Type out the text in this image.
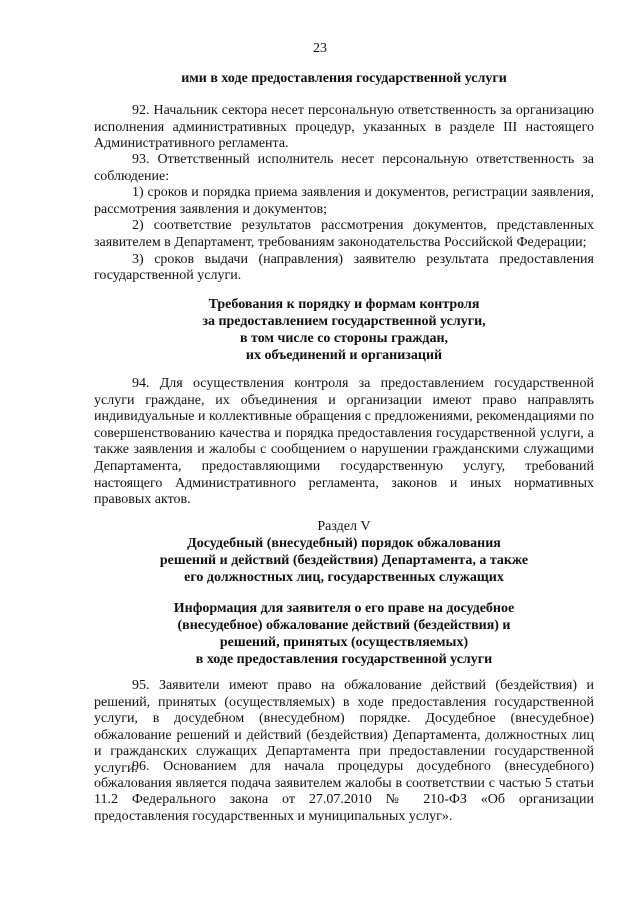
23

ими в ходе предоставления государственной услуги

92. Начальник сектора несет персональную ответственность за организацию исполнения административных процедур, указанных в разделе III настоящего Административного регламента.

93. Ответственный исполнитель несет персональную ответственность за соблюдение:

1) сроков и порядка приема заявления и документов, регистрации заявления, рассмотрения заявления и документов;

2) соответствие результатов рассмотрения документов, представленных заявителем в Департамент, требованиям законодательства Российской Федерации;

3) сроков выдачи (направления) заявителю результата предоставления государственной услуги.

Требования к порядку и формам контроля

за предоставлением государственной услуги,

в том числе со стороны граждан,

их объединений и организаций

94. Для осуществления контроля за предоставлением государственной услуги граждане, их объединения и организации имеют право направлять индивидуальные и коллективные обращения с предложениями, рекомендациями по совершенствованию качества и порядка предоставления государственной услуги, а также заявления и жалобы с сообщением о нарушении гражданскими служащими Департамента, предоставляющими государственную услугу, требований настоящего Административного регламента, законов и иных нормативных правовых актов.

Раздел V

Досудебный (внесудебный) порядок обжалования

решений и действий (бездействия) Департамента, а также

его должностных лиц, государственных служащих

Информация для заявителя о его праве на досудебное

(внесудебное) обжалование действий (бездействия) и

решений, принятых (осуществляемых)

в ходе предоставления государственной услуги

95. Заявители имеют право на обжалование действий (бездействия) и решений, принятых (осуществляемых) в ходе предоставления государственной услуги, в досудебном (внесудебном) порядке. Досудебное (внесудебное) обжалование решений и действий (бездействия) Департамента, должностных лиц и гражданских служащих Департамента при предоставлении государственной услуги.

96. Основанием для начала процедуры досудебного (внесудебного) обжалования является подача заявителем жалобы в соответствии с частью 5 статьи 11.2 Федерального закона от 27.07.2010 № 210-ФЗ «Об организации предоставления государственных и муниципальных услуг».
